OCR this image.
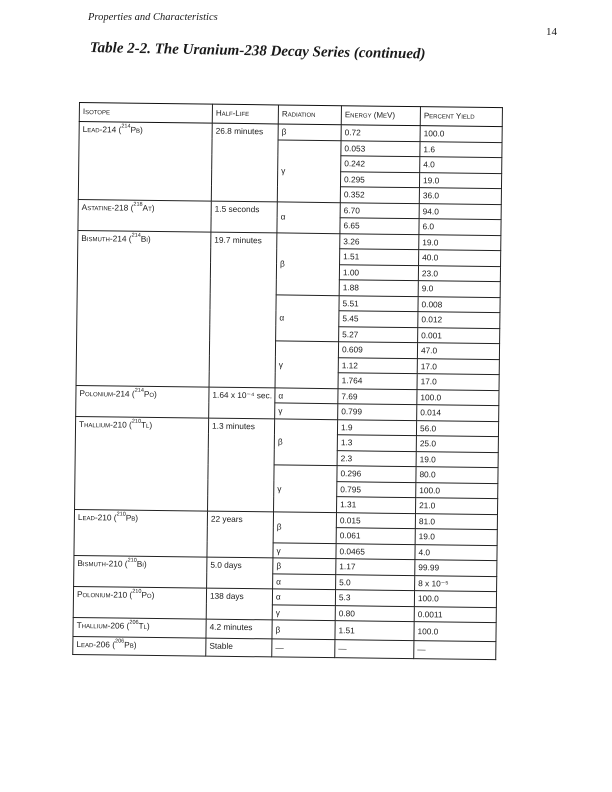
Properties and Characteristics
14
Table 2-2. The Uranium-238 Decay Series (continued)
Isotope	Half-Life	Radiation	Energy (MeV)	Percent Yield
Lead-214 ($^{214}$Pb)	26.8 minutes	β	0.72	100.0
		γ	0.053	1.6
			0.242	4.0
			0.295	19.0
			0.352	36.0
Astatine-218 ($^{218}$At)	1.5 seconds	α	6.70	94.0
			6.65	6.0
Bismuth-214 ($^{214}$Bi)	19.7 minutes	β	3.26	19.0
			1.51	40.0
			1.00	23.0
			1.88	9.0
		α	5.51	0.008
			5.45	0.012
			5.27	0.001
		γ	0.609	47.0
			1.12	17.0
			1.764	17.0
Polonium-214 ($^{214}$Po)	1.64 x 10⁻⁴ sec.	α	7.69	100.0
		γ	0.799	0.014
Thallium-210 ($^{210}$Tl)	1.3 minutes	β	1.9	56.0
			1.3	25.0
			2.3	19.0
		γ	0.296	80.0
			0.795	100.0
			1.31	21.0
Lead-210 ($^{210}$Pb)	22 years	β	0.015	81.0
			0.061	19.0
		γ	0.0465	4.0
Bismuth-210 ($^{210}$Bi)	5.0 days	β	1.17	99.99
		α	5.0	8 x 10⁻⁵
Polonium-210 ($^{210}$Po)	138 days	α	5.3	100.0
		γ	0.80	0.0011
Thallium-206 ($^{206}$Tl)	4.2 minutes	β	1.51	100.0
Lead-206 ($^{206}$Pb)	Stable	—	—	—
